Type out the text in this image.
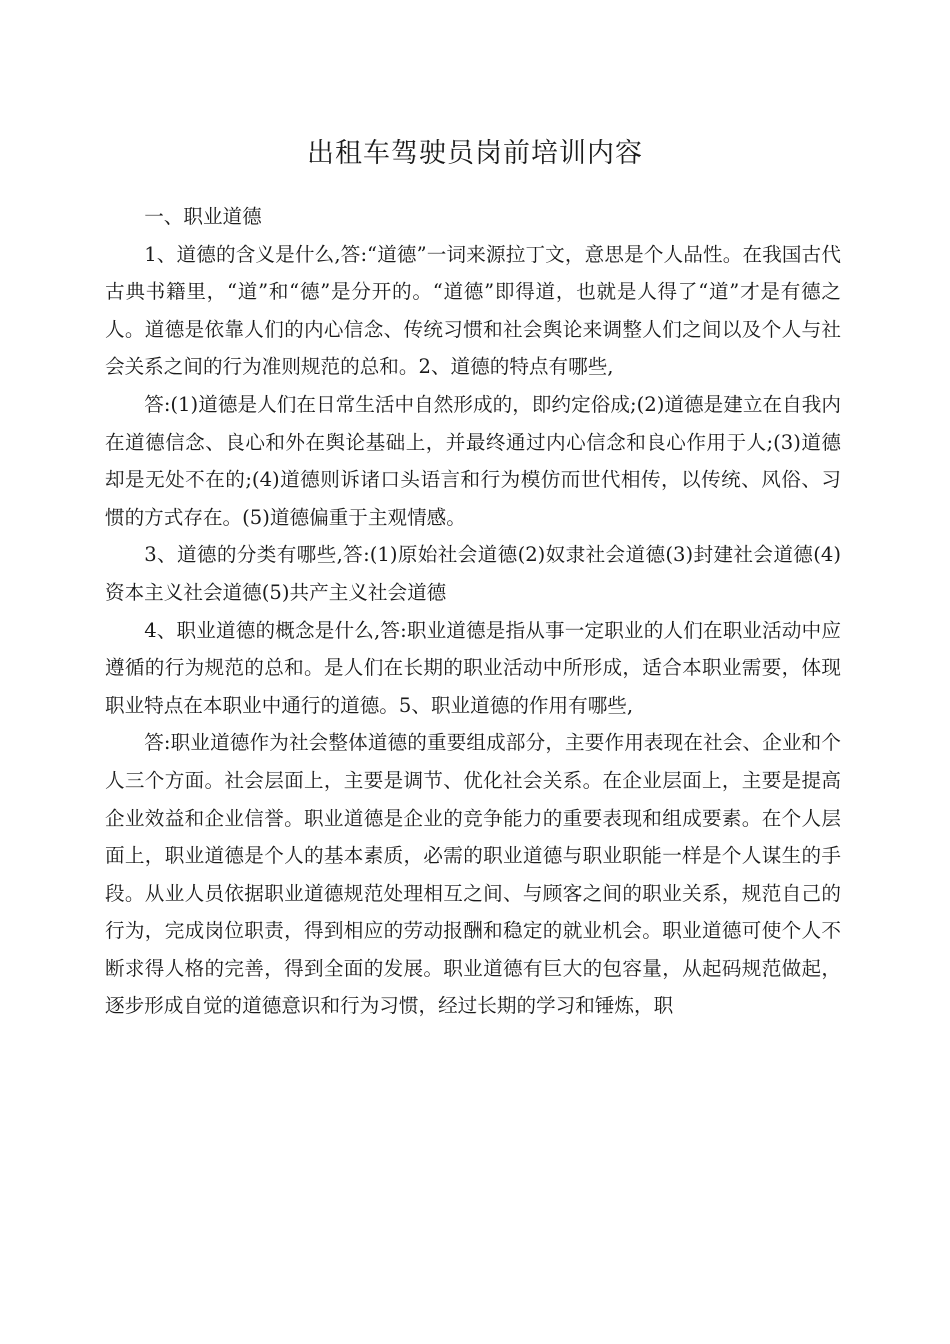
出租车驾驶员岗前培训内容

一、职业道德

1、道德的含义是什么,答:“道德”一词来源拉丁文，意思是个人品性。在我国古代古典书籍里，“道”和“德”是分开的。“道德”即得道，也就是人得了“道”才是有德之人。道德是依靠人们的内心信念、传统习惯和社会舆论来调整人们之间以及个人与社会关系之间的行为准则规范的总和。2、道德的特点有哪些,

答:(1)道德是人们在日常生活中自然形成的，即约定俗成;(2)道德是建立在自我内在道德信念、良心和外在舆论基础上，并最终通过内心信念和良心作用于人;(3)道德却是无处不在的;(4)道德则诉诸口头语言和行为模仿而世代相传，以传统、风俗、习惯的方式存在。(5)道德偏重于主观情感。

3、道德的分类有哪些,答:(1)原始社会道德(2)奴隶社会道德(3)封建社会道德(4)资本主义社会道德(5)共产主义社会道德

4、职业道德的概念是什么,答:职业道德是指从事一定职业的人们在职业活动中应遵循的行为规范的总和。是人们在长期的职业活动中所形成，适合本职业需要，体现职业特点在本职业中通行的道德。5、职业道德的作用有哪些,

答:职业道德作为社会整体道德的重要组成部分，主要作用表现在社会、企业和个人三个方面。社会层面上，主要是调节、优化社会关系。在企业层面上，主要是提高企业效益和企业信誉。职业道德是企业的竞争能力的重要表现和组成要素。在个人层面上，职业道德是个人的基本素质，必需的职业道德与职业职能一样是个人谋生的手段。从业人员依据职业道德规范处理相互之间、与顾客之间的职业关系，规范自己的行为，完成岗位职责，得到相应的劳动报酬和稳定的就业机会。职业道德可使个人不断求得人格的完善，得到全面的发展。职业道德有巨大的包容量，从起码规范做起，逐步形成自觉的道德意识和行为习惯，经过长期的学习和锤炼，职
